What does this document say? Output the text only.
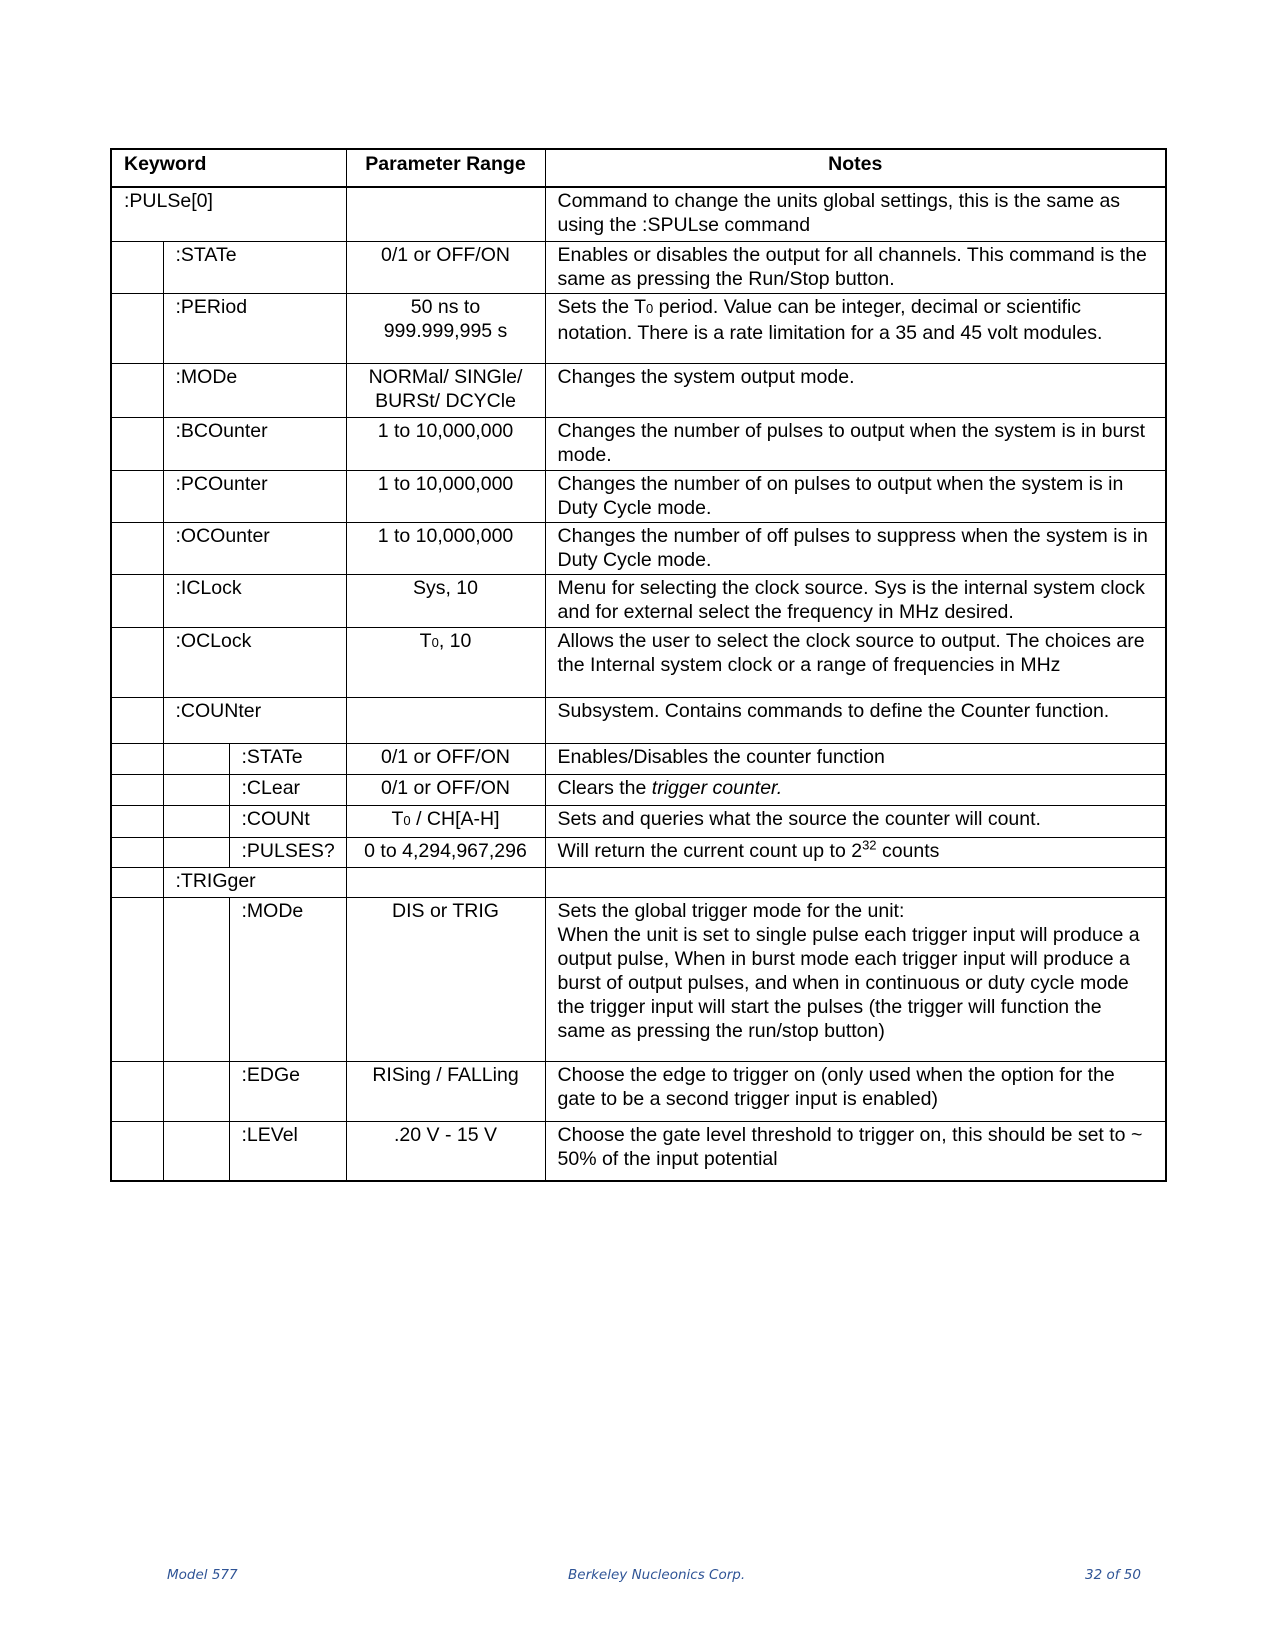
Keyword			Parameter Range	Notes
:PULSe[0]				Command to change the units global settings, this is the same as using the :SPULse command
	:STATe		0/1 or OFF/ON	Enables or disables the output for all channels. This command is the same as pressing the Run/Stop button.
	:PERiod		50 ns to
999.999,995 s	Sets the T0 period. Value can be integer, decimal or scientific notation. There is a rate limitation for a 35 and 45 volt modules.
	:MODe		NORMal/ SINGle/
BURSt/ DCYCle	Changes the system output mode.
	:BCOunter		1 to 10,000,000	Changes the number of pulses to output when the system is in burst mode.
	:PCOunter		1 to 10,000,000	Changes the number of on pulses to output when the system is in Duty Cycle mode.
	:OCOunter		1 to 10,000,000	Changes the number of off pulses to suppress when the system is in Duty Cycle mode.
	:ICLock		Sys, 10	Menu for selecting the clock source. Sys is the internal system clock and for external select the frequency in MHz desired.
	:OCLock		T0, 10	Allows the user to select the clock source to output. The choices are the Internal system clock or a range of frequencies in MHz
	:COUNter			Subsystem. Contains commands to define the Counter function.
		:STATe	0/1 or OFF/ON	Enables/Disables the counter function
		:CLear	0/1 or OFF/ON	Clears the trigger counter.
		:COUNt	T0 / CH[A-H]	Sets and queries what the source the counter will count.
		:PULSES?	0 to 4,294,967,296	Will return the current count up to $2^{32}$ counts
	:TRIGger			
		:MODe	DIS or TRIG	Sets the global trigger mode for the unit:
When the unit is set to single pulse each trigger input will produce a output pulse, When in burst mode each trigger input will produce a burst of output pulses, and when in continuous or duty cycle mode the trigger input will start the pulses (the trigger will function the same as pressing the run/stop button)
		:EDGe	RISing / FALLing	Choose the edge to trigger on (only used when the option for the gate to be a second trigger input is enabled)
		:LEVel	.20 V - 15 V	Choose the gate level threshold to trigger on, this should be set to ~ 50% of the input potential
Model 577	Berkeley Nucleonics Corp.	32 of 50
